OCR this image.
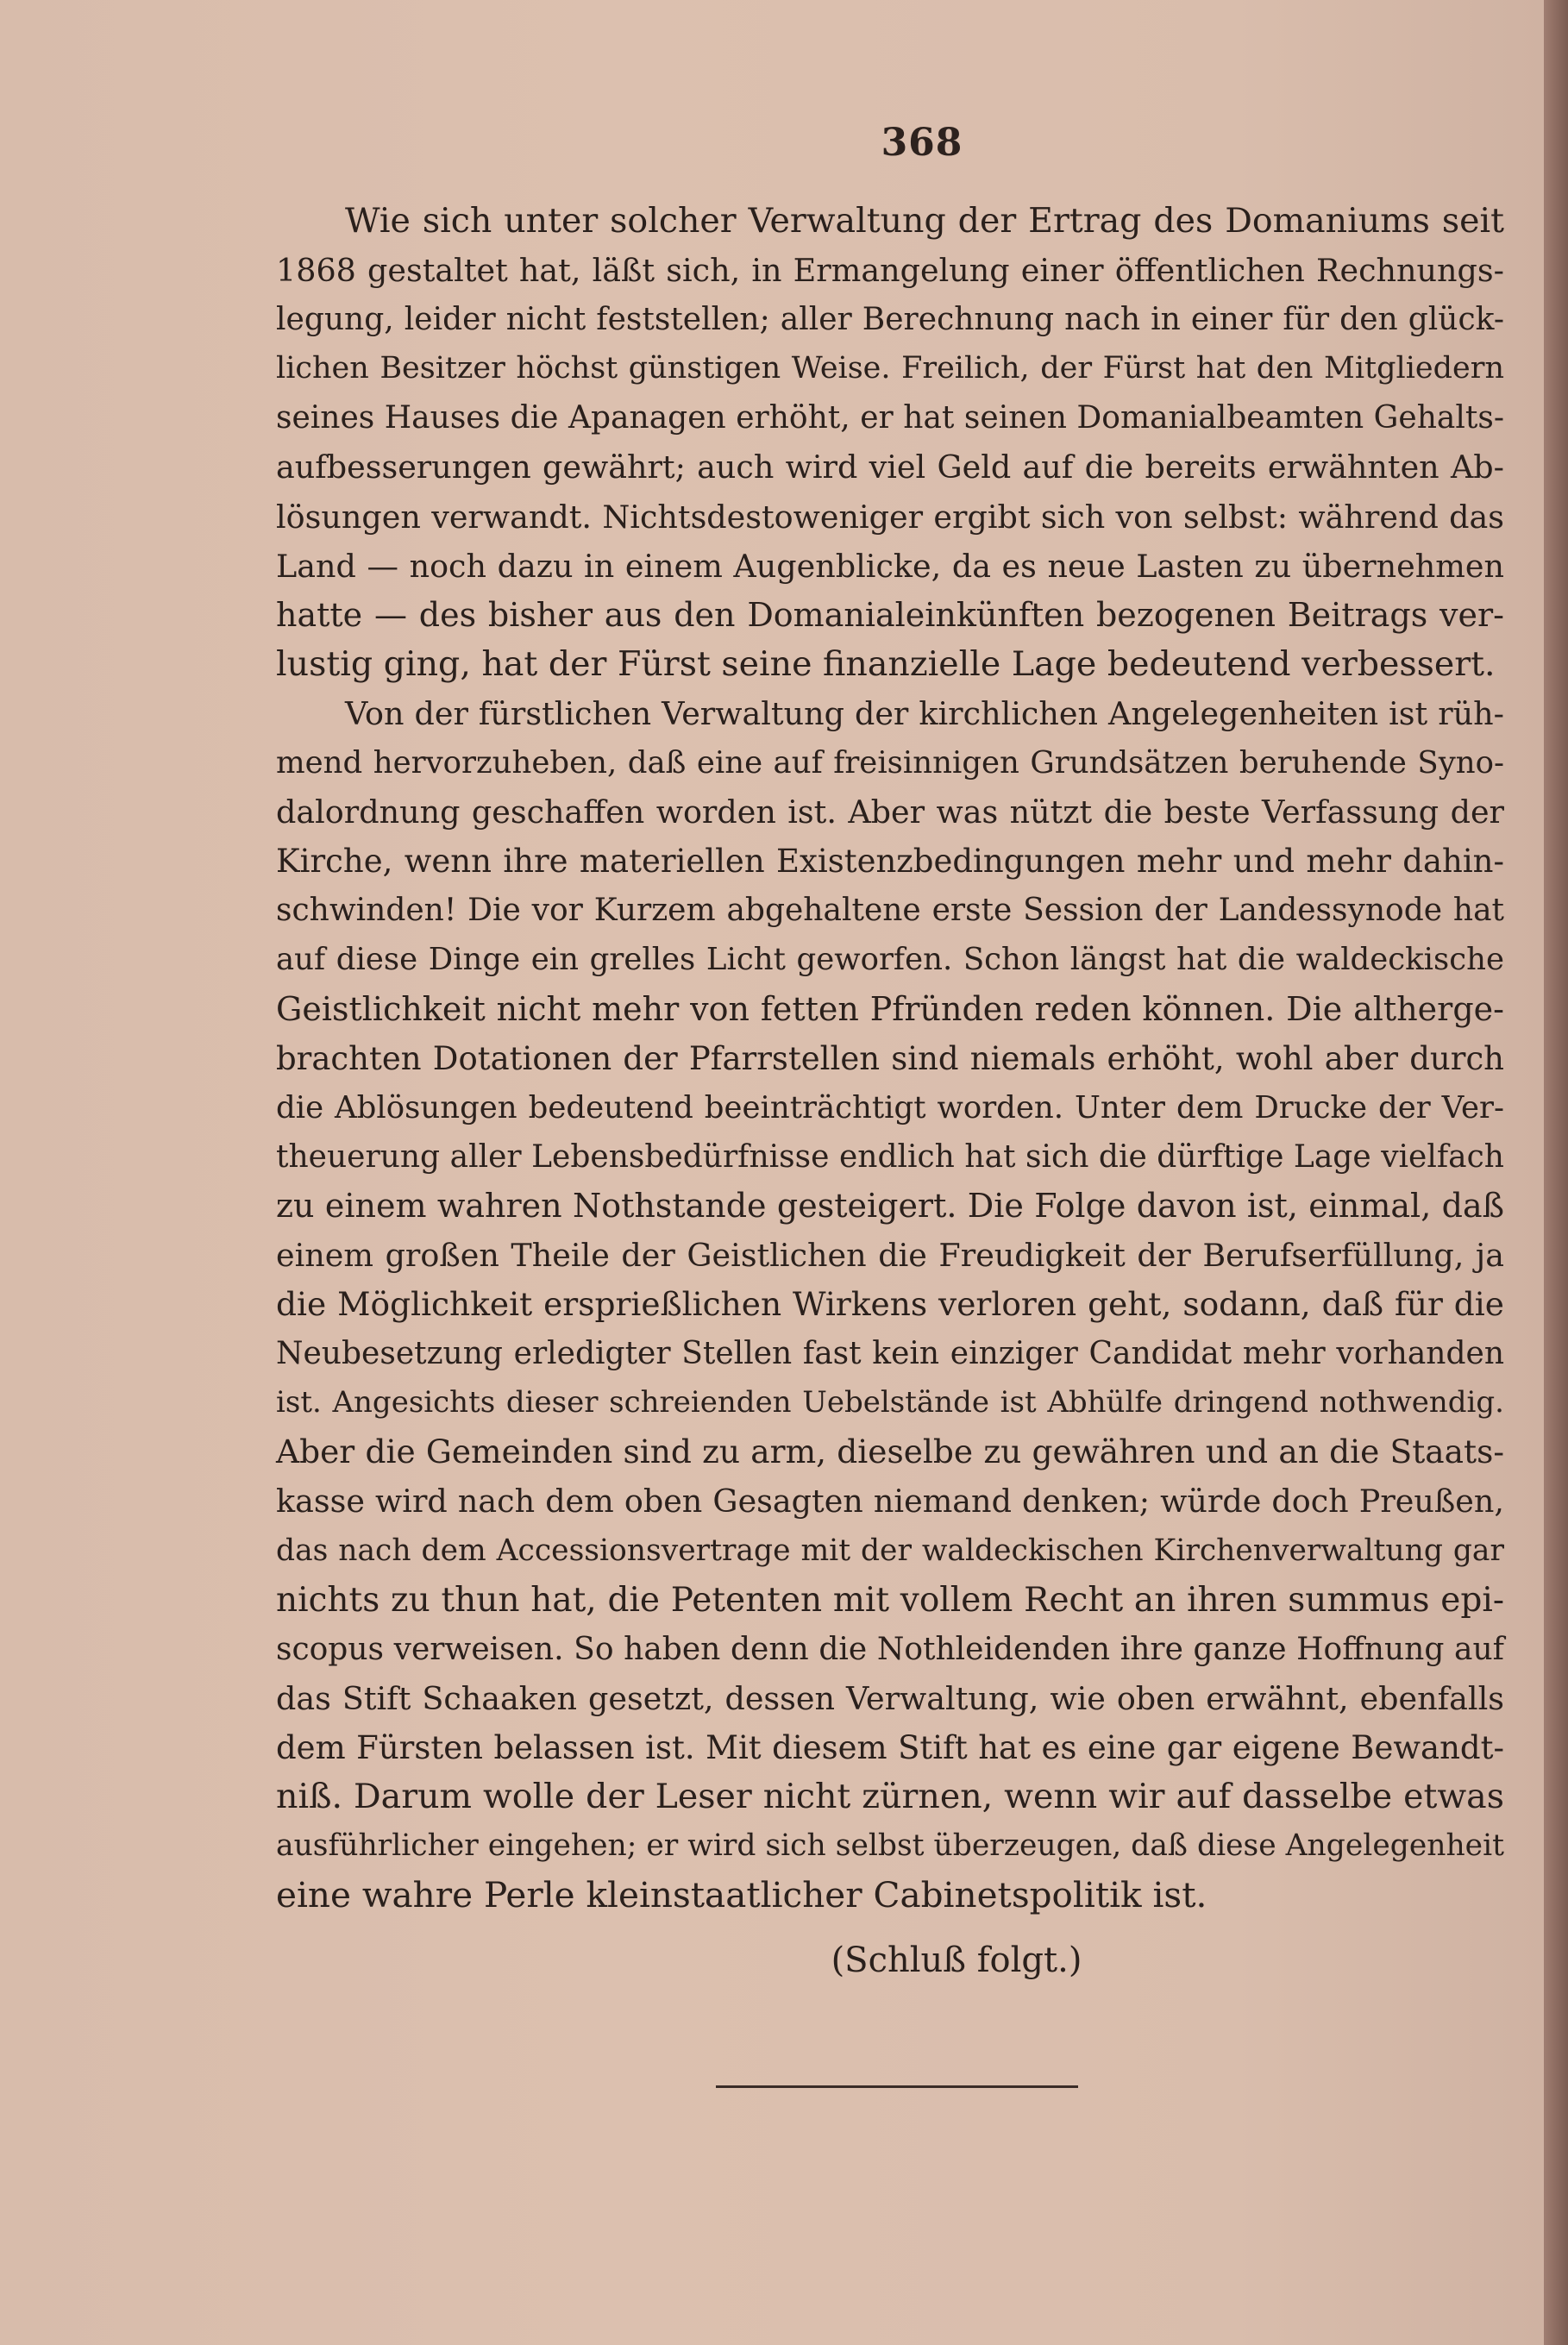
368
Wie sich unter solcher Verwaltung der Ertrag des Domaniums seit
1868 gestaltet hat, läßt sich, in Ermangelung einer öffentlichen Rechnungs-
legung, leider nicht feststellen; aller Berechnung nach in einer für den glück-
lichen Besitzer höchst günstigen Weise. Freilich, der Fürst hat den Mitgliedern
seines Hauses die Apanagen erhöht, er hat seinen Domanialbeamten Gehalts-
aufbesserungen gewährt; auch wird viel Geld auf die bereits erwähnten Ab-
lösungen verwandt. Nichtsdestoweniger ergibt sich von selbst: während das
Land — noch dazu in einem Augenblicke, da es neue Lasten zu übernehmen
hatte — des bisher aus den Domanialeinkünften bezogenen Beitrags ver-
lustig ging, hat der Fürst seine finanzielle Lage bedeutend verbessert.
Von der fürstlichen Verwaltung der kirchlichen Angelegenheiten ist rüh-
mend hervorzuheben, daß eine auf freisinnigen Grundsätzen beruhende Syno-
dalordnung geschaffen worden ist. Aber was nützt die beste Verfassung der
Kirche, wenn ihre materiellen Existenzbedingungen mehr und mehr dahin-
schwinden! Die vor Kurzem abgehaltene erste Session der Landessynode hat
auf diese Dinge ein grelles Licht geworfen. Schon längst hat die waldeckische
Geistlichkeit nicht mehr von fetten Pfründen reden können. Die altherge-
brachten Dotationen der Pfarrstellen sind niemals erhöht, wohl aber durch
die Ablösungen bedeutend beeinträchtigt worden. Unter dem Drucke der Ver-
theuerung aller Lebensbedürfnisse endlich hat sich die dürftige Lage vielfach
zu einem wahren Nothstande gesteigert. Die Folge davon ist, einmal, daß
einem großen Theile der Geistlichen die Freudigkeit der Berufserfüllung, ja
die Möglichkeit ersprießlichen Wirkens verloren geht, sodann, daß für die
Neubesetzung erledigter Stellen fast kein einziger Candidat mehr vorhanden
ist. Angesichts dieser schreienden Uebelstände ist Abhülfe dringend nothwendig.
Aber die Gemeinden sind zu arm, dieselbe zu gewähren und an die Staats-
kasse wird nach dem oben Gesagten niemand denken; würde doch Preußen,
das nach dem Accessionsvertrage mit der waldeckischen Kirchenverwaltung gar
nichts zu thun hat, die Petenten mit vollem Recht an ihren summus epi-
scopus verweisen. So haben denn die Nothleidenden ihre ganze Hoffnung auf
das Stift Schaaken gesetzt, dessen Verwaltung, wie oben erwähnt, ebenfalls
dem Fürsten belassen ist. Mit diesem Stift hat es eine gar eigene Bewandt-
niß. Darum wolle der Leser nicht zürnen, wenn wir auf dasselbe etwas
ausführlicher eingehen; er wird sich selbst überzeugen, daß diese Angelegenheit
eine wahre Perle kleinstaatlicher Cabinetspolitik ist.
(Schluß folgt.)
